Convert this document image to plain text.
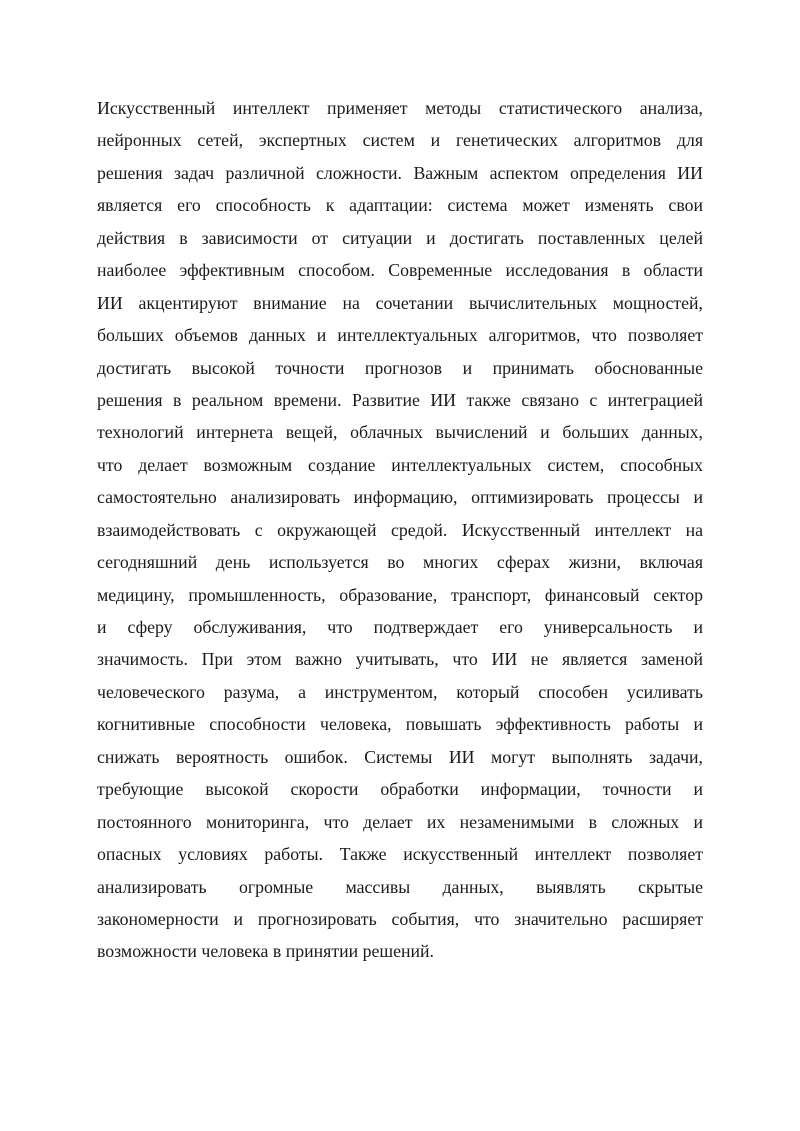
Искусственный интеллект применяет методы статистического анализа,
нейронных сетей, экспертных систем и генетических алгоритмов для
решения задач различной сложности. Важным аспектом определения ИИ
является его способность к адаптации: система может изменять свои
действия в зависимости от ситуации и достигать поставленных целей
наиболее эффективным способом. Современные исследования в области
ИИ акцентируют внимание на сочетании вычислительных мощностей,
больших объемов данных и интеллектуальных алгоритмов, что позволяет
достигать высокой точности прогнозов и принимать обоснованные
решения в реальном времени. Развитие ИИ также связано с интеграцией
технологий интернета вещей, облачных вычислений и больших данных,
что делает возможным создание интеллектуальных систем, способных
самостоятельно анализировать информацию, оптимизировать процессы и
взаимодействовать с окружающей средой. Искусственный интеллект на
сегодняшний день используется во многих сферах жизни, включая
медицину, промышленность, образование, транспорт, финансовый сектор
и сферу обслуживания, что подтверждает его универсальность и
значимость. При этом важно учитывать, что ИИ не является заменой
человеческого разума, а инструментом, который способен усиливать
когнитивные способности человека, повышать эффективность работы и
снижать вероятность ошибок. Системы ИИ могут выполнять задачи,
требующие высокой скорости обработки информации, точности и
постоянного мониторинга, что делает их незаменимыми в сложных и
опасных условиях работы. Также искусственный интеллект позволяет
анализировать огромные массивы данных, выявлять скрытые
закономерности и прогнозировать события, что значительно расширяет
возможности человека в принятии решений.
